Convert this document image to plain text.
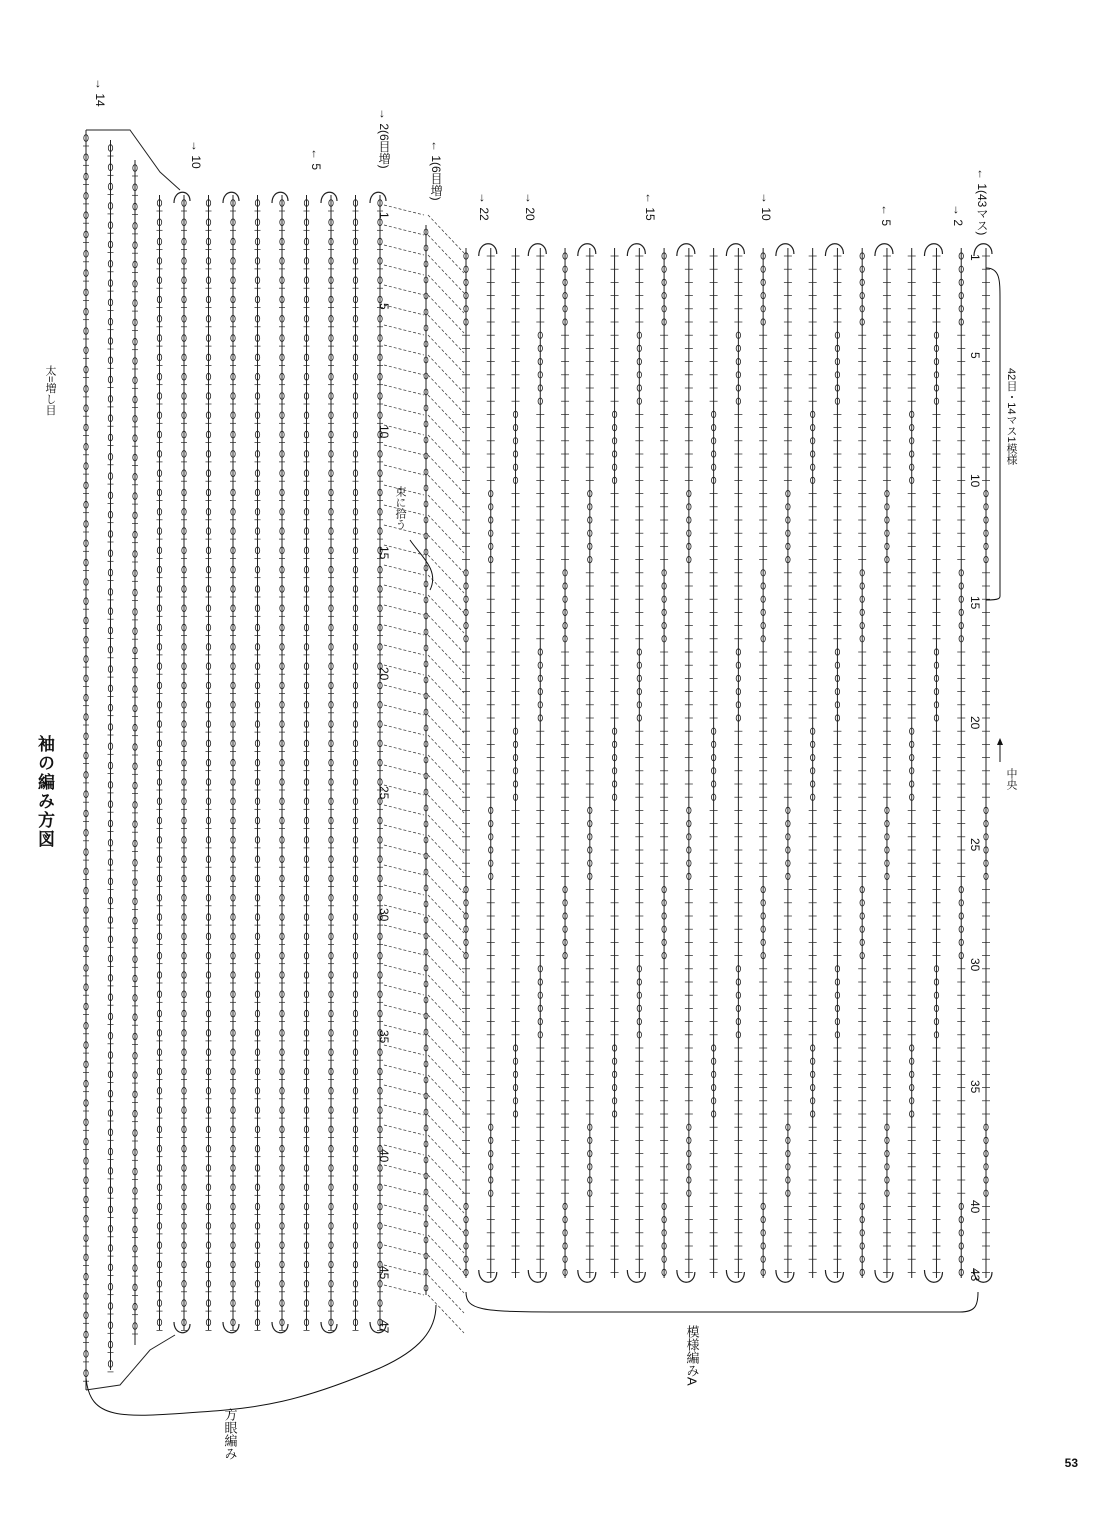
袖の編み方図
太=増し目
→ 14
→ 10	← 5	→ 2(6目増)
← 1(6目増)
→ 22	→ 20	← 15	→ 10	← 5	→ 2 ← 1(43マス)
1
5
10
15
20
25
30
35
40
45
47
1
5
10
15
20
25
30
35
40
43
方眼編み
模様編みA
束に拾う
中央
42目・14マス1模様
53
